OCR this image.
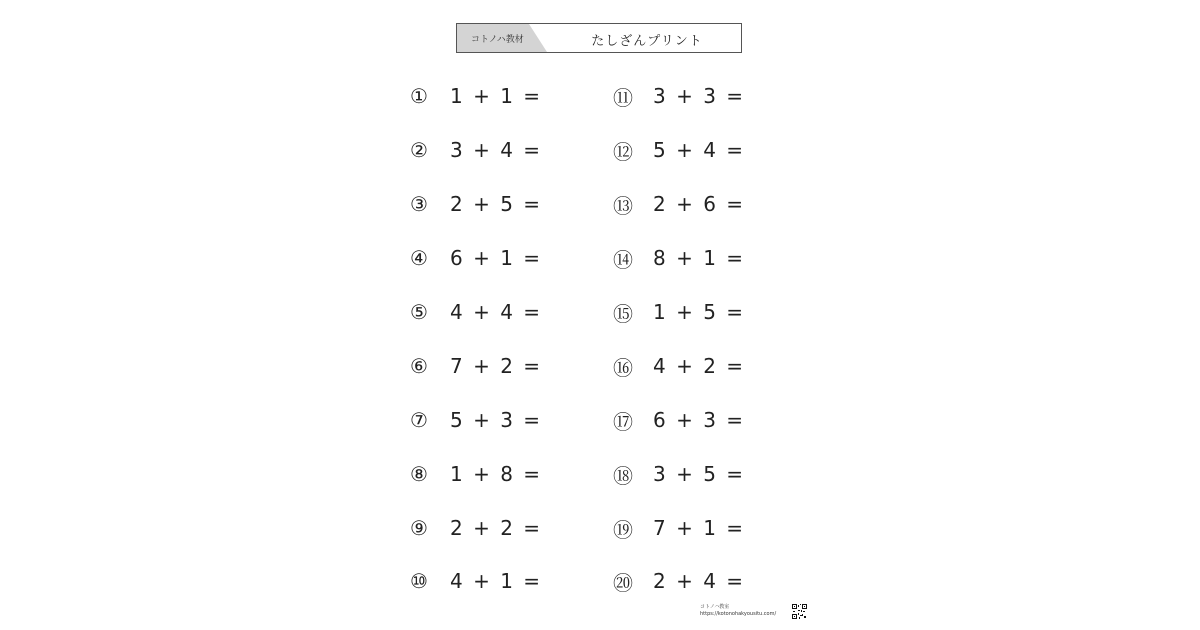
コトノハ教材	たしざんプリント
①	1 + 1 =
②	3 + 4 =
③	2 + 5 =
④	6 + 1 =
⑤	4 + 4 =
⑥	7 + 2 =
⑦	5 + 3 =
⑧	1 + 8 =
⑨	2 + 2 =
⑩	4 + 1 =
⑪	3 + 3 =
⑫	5 + 4 =
⑬	2 + 6 =
⑭	8 + 1 =
⑮	1 + 5 =
⑯	4 + 2 =
⑰	6 + 3 =
⑱	3 + 5 =
⑲	7 + 1 =
⑳	2 + 4 =
コトノハ教室
https://kotonohakyousitu.com/
